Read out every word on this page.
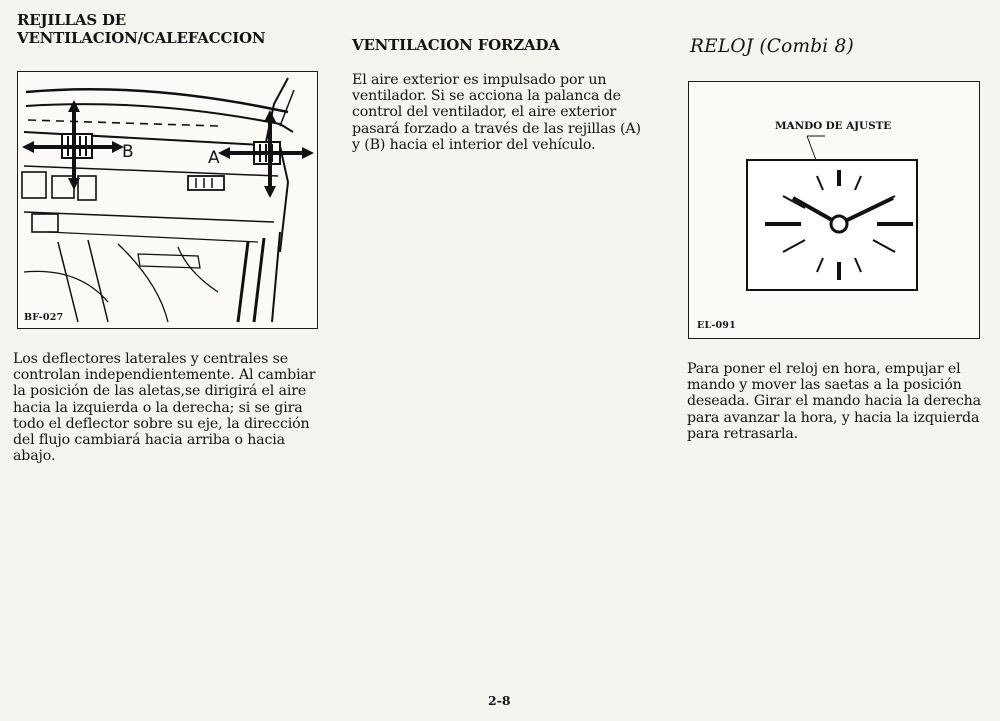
REJILLAS DE

VENTILACION/CALEFACCION

B	A
BF-027

Los deflectores laterales y centrales se controlan independientemente. Al cambiar la posición de las aletas,se dirigirá el aire hacia la izquierda o la derecha; si se gira todo el deflector sobre su eje, la dirección del flujo cambiará hacia arriba o hacia abajo.

VENTILACION FORZADA

El aire exterior es impulsado por un ventilador. Si se acciona la palanca de control del ventilador, el aire exterior pasará forzado a través de las rejillas (A) y (B) hacia el interior del vehículo.

RELOJ (Combi 8)

MANDO DE AJUSTE
EL-091

Para poner el reloj en hora, empujar el mando y mover las saetas a la posición deseada. Girar el mando hacia la derecha para avanzar la hora, y hacia la izquierda para retrasarla.

2-8
